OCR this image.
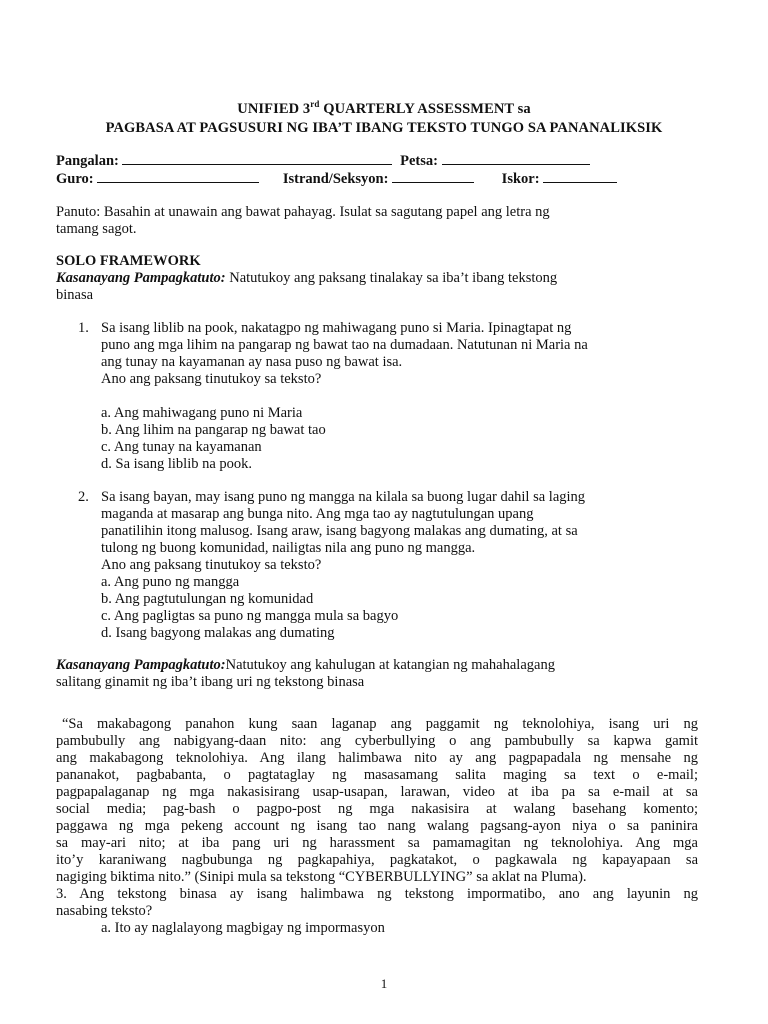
UNIFIED 3rd QUARTERLY ASSESSMENT sa
PAGBASA AT PAGSUSURI NG IBA’T IBANG TEKSTO TUNGO SA PANANALIKSIK
Pangalan:	Petsa:
Guro:	Istrand/Seksyon:	Iskor:
Panuto: Basahin at unawain ang bawat pahayag. Isulat sa sagutang papel ang letra ng
tamang sagot.
SOLO FRAMEWORK
Kasanayang Pampagkatuto: Natutukoy ang paksang tinalakay sa iba’t ibang tekstong
binasa
1. Sa isang liblib na pook, nakatagpo ng mahiwagang puno si Maria. Ipinagtapat ng
puno ang mga lihim na pangarap ng bawat tao na dumadaan. Natutunan ni Maria na
ang tunay na kayamanan ay nasa puso ng bawat isa.
Ano ang paksang tinutukoy sa teksto?
a. Ang mahiwagang puno ni Maria
b. Ang lihim na pangarap ng bawat tao
c. Ang tunay na kayamanan
d. Sa isang liblib na pook.
2. Sa isang bayan, may isang puno ng mangga na kilala sa buong lugar dahil sa laging
maganda at masarap ang bunga nito. Ang mga tao ay nagtutulungan upang
panatilihin itong malusog. Isang araw, isang bagyong malakas ang dumating, at sa
tulong ng buong komunidad, nailigtas nila ang puno ng mangga.
Ano ang paksang tinutukoy sa teksto?
a. Ang puno ng mangga
b. Ang pagtutulungan ng komunidad
c. Ang pagligtas sa puno ng mangga mula sa bagyo
d. Isang bagyong malakas ang dumating
Kasanayang Pampagkatuto:Natutukoy ang kahulugan at katangian ng mahahalagang
salitang ginamit ng iba’t ibang uri ng tekstong binasa
“Sa makabagong panahon kung saan laganap ang paggamit ng teknolohiya, isang uri ng
pambubully ang nabigyang-daan nito: ang cyberbullying o ang pambubully sa kapwa gamit
ang makabagong teknolohiya. Ang ilang halimbawa nito ay ang pagpapadala ng mensahe ng
pananakot, pagbabanta, o pagtataglay ng masasamang salita maging sa text o e-mail;
pagpapalaganap ng mga nakasisirang usap-usapan, larawan, video at iba pa sa e-mail at sa
social media; pag-bash o pagpo-post ng mga nakasisira at walang basehang komento;
paggawa ng mga pekeng account ng isang tao nang walang pagsang-ayon niya o sa paninira
sa may-ari nito; at iba pang uri ng harassment sa pamamagitan ng teknolohiya. Ang mga
ito’y karaniwang nagbubunga ng pagkapahiya, pagkatakot, o pagkawala ng kapayapaan sa
nagiging biktima nito.” (Sinipi mula sa tekstong “CYBERBULLYING” sa aklat na Pluma).
3. Ang tekstong binasa ay isang halimbawa ng tekstong impormatibo, ano ang layunin ng
nasabing teksto?
a. Ito ay naglalayong magbigay ng impormasyon
1
